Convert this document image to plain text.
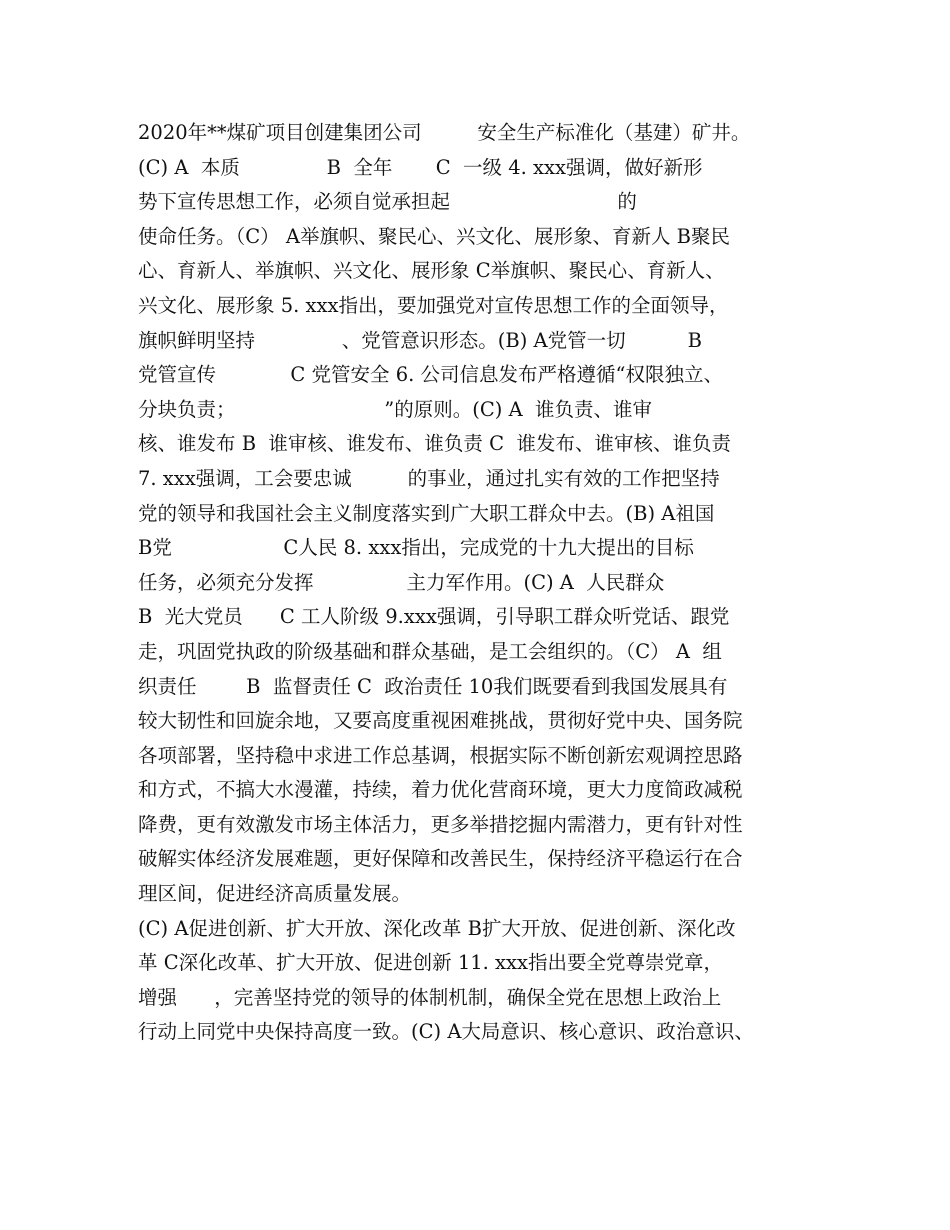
2020年**煤矿项目创建集团公司         安全生产标准化（基建）矿井。
(C) A  本质              B  全年       C  一级 4. xxx强调，做好新形
势下宣传思想工作，必须自觉承担起                           的
使命任务。（C） A举旗帜、聚民心、兴文化、展形象、育新人 B聚民
心、育新人、举旗帜、兴文化、展形象 C举旗帜、聚民心、育新人、
兴文化、展形象 5. xxx指出，要加强党对宣传思想工作的全面领导，
旗帜鲜明坚持              、党管意识形态。(B) A党管一切          B
党管宣传            C 党管安全 6. 公司信息发布严格遵循“权限独立、
分块负责；                        ”的原则。(C) A  谁负责、谁审
核、谁发布 B  谁审核、谁发布、谁负责 C  谁发布、谁审核、谁负责
7. xxx强调，工会要忠诚         的事业，通过扎实有效的工作把坚持
党的领导和我国社会主义制度落实到广大职工群众中去。(B) A祖国
B党                  C人民 8. xxx指出，完成党的十九大提出的目标
任务，必须充分发挥               主力军作用。(C) A  人民群众
B  光大党员      C 工人阶级 9.xxx强调，引导职工群众听党话、跟党
走，巩固党执政的阶级基础和群众基础，是工会组织的。（C） A  组
织责任        B  监督责任 C  政治责任 10我们既要看到我国发展具有
较大韧性和回旋余地，又要高度重视困难挑战，贯彻好党中央、国务院
各项部署，坚持稳中求进工作总基调，根据实际不断创新宏观调控思路
和方式，不搞大水漫灌，持续，着力优化营商环境，更大力度简政减税
降费，更有效激发市场主体活力，更多举措挖掘内需潜力，更有针对性
破解实体经济发展难题，更好保障和改善民生，保持经济平稳运行在合
理区间，促进经济高质量发展。
(C) A促进创新、扩大开放、深化改革 B扩大开放、促进创新、深化改
革 C深化改革、扩大开放、促进创新 11. xxx指出要全党尊崇党章，
增强      ，完善坚持党的领导的体制机制，确保全党在思想上政治上
行动上同党中央保持高度一致。(C) A大局意识、核心意识、政治意识、
